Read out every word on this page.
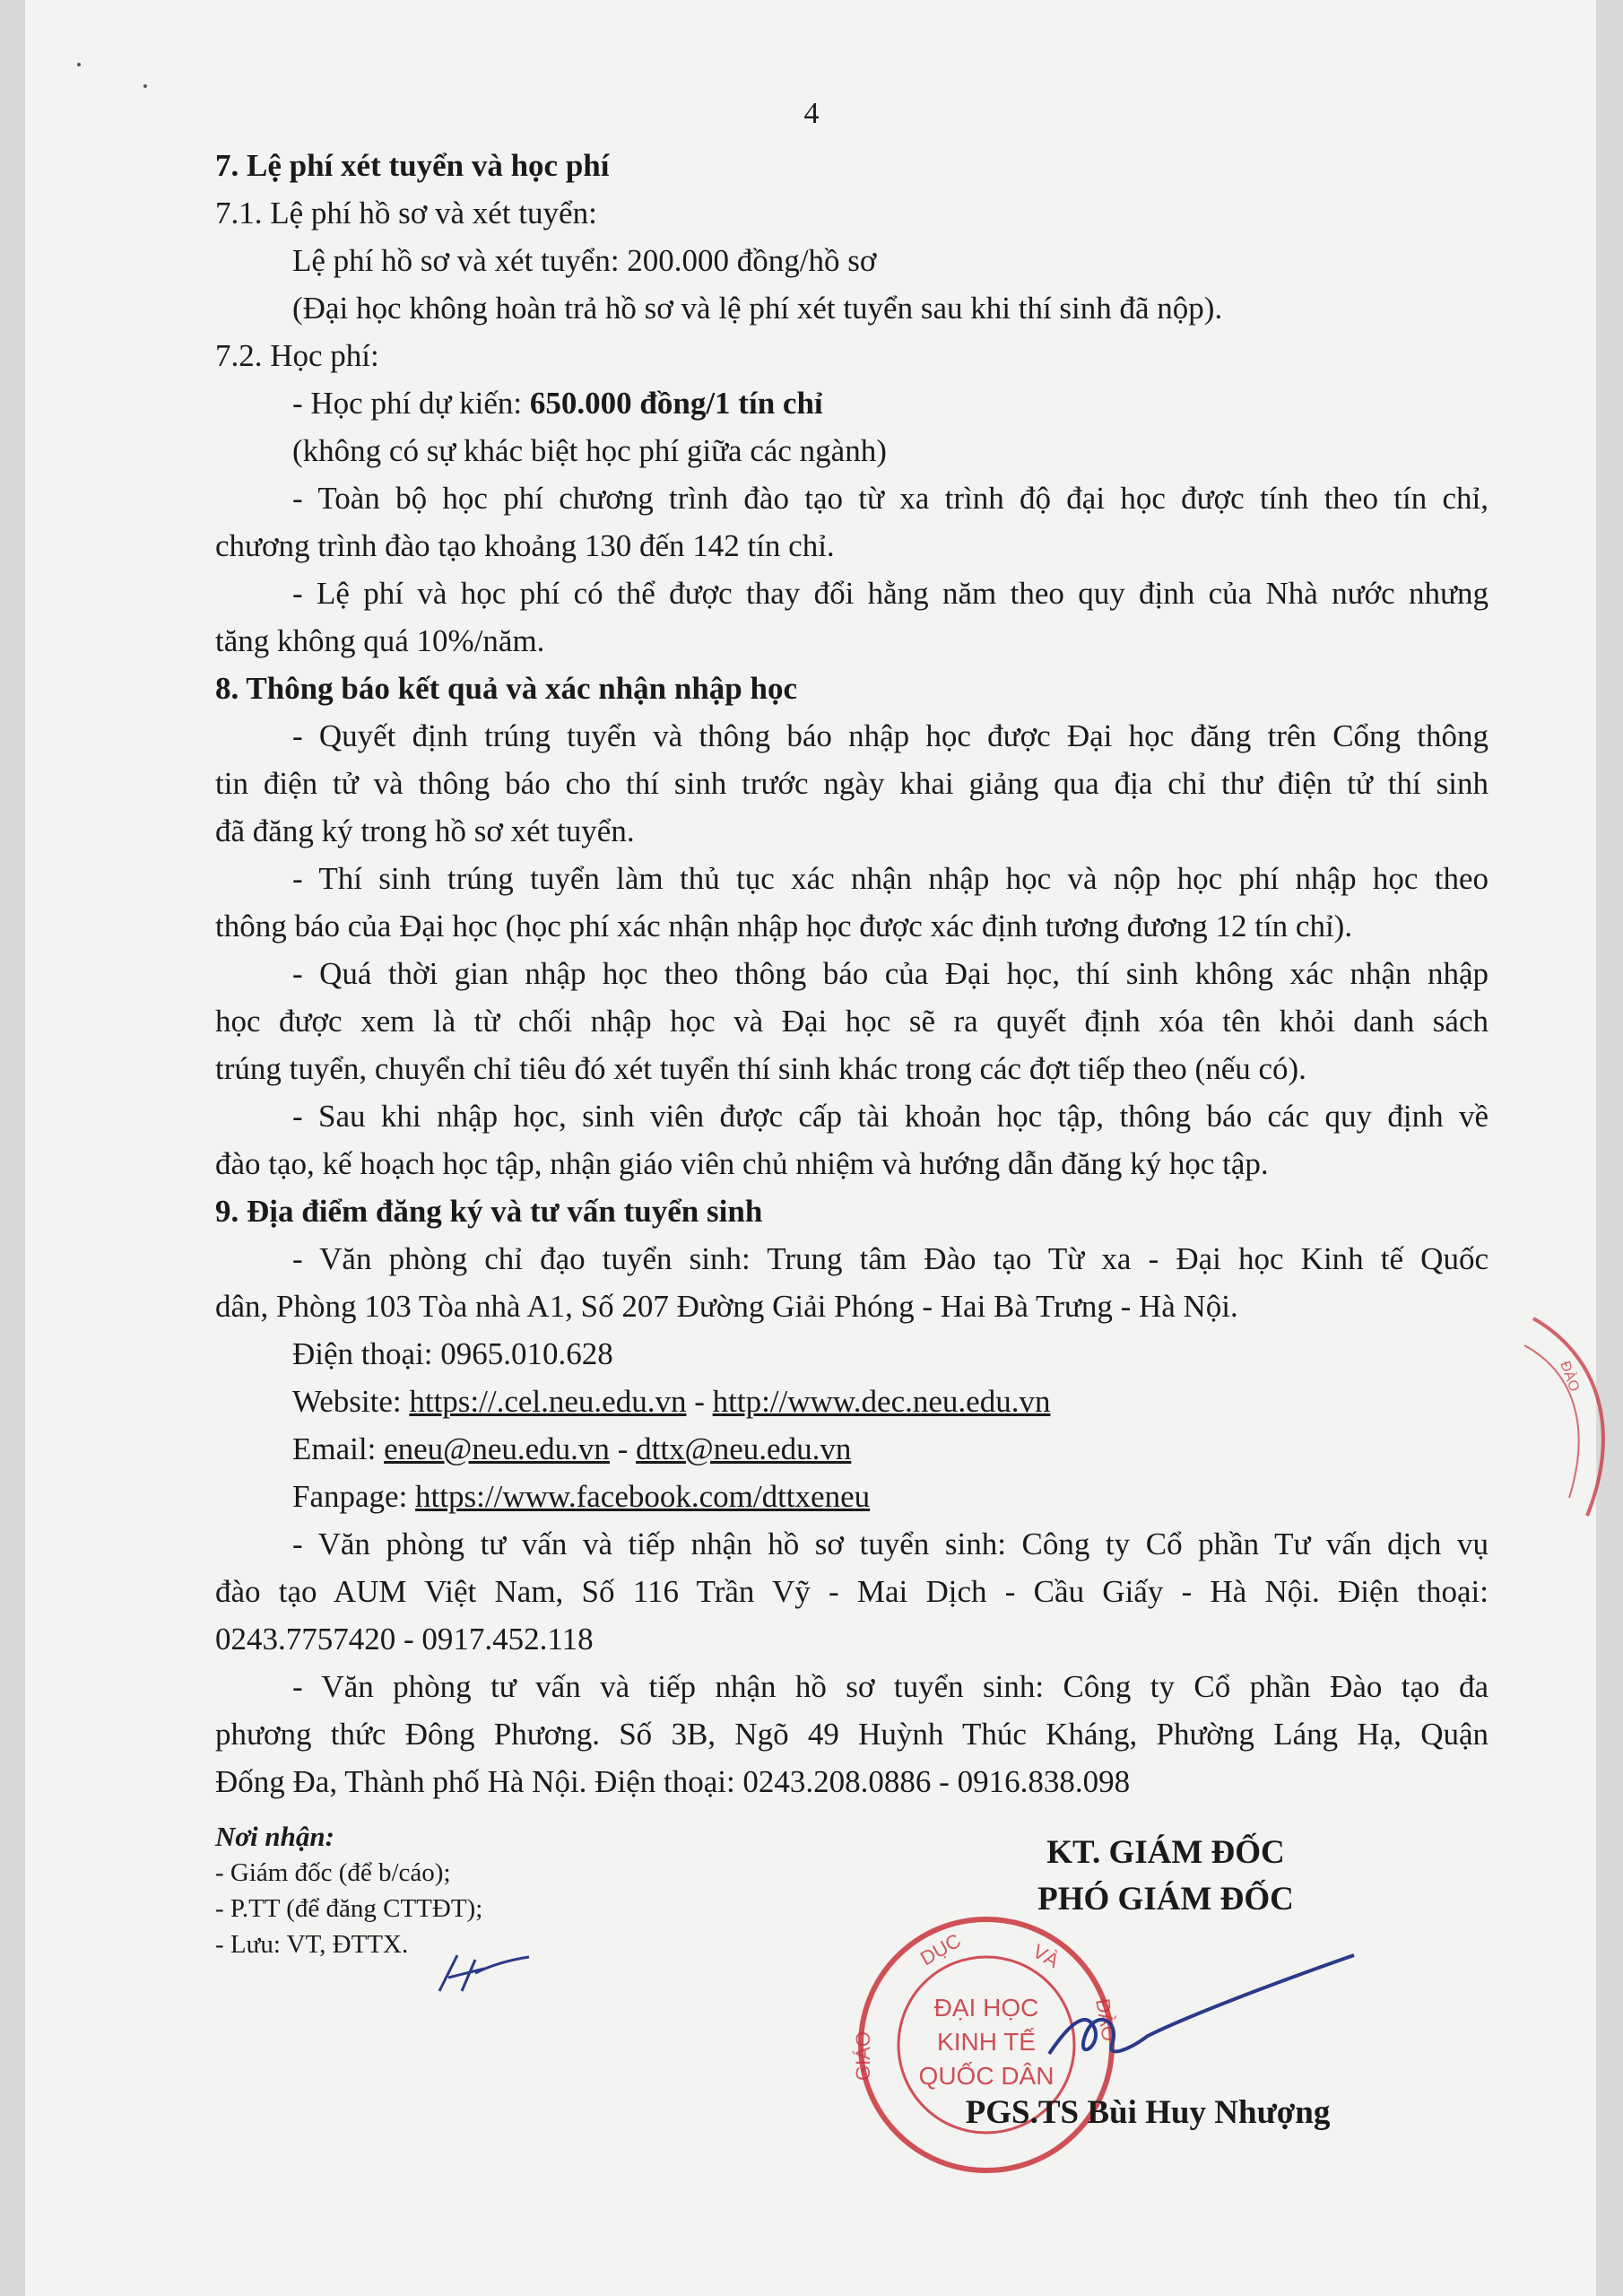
4

7. Lệ phí xét tuyển và học phí

7.1. Lệ phí hồ sơ và xét tuyển:

Lệ phí hồ sơ và xét tuyển: 200.000 đồng/hồ sơ

(Đại học không hoàn trả hồ sơ và lệ phí xét tuyển sau khi thí sinh đã nộp).

7.2. Học phí:

- Học phí dự kiến: 650.000 đồng/1 tín chỉ

(không có sự khác biệt học phí giữa các ngành)

- Toàn bộ học phí chương trình đào tạo từ xa trình độ đại học được tính theo tín chỉ,

chương trình đào tạo khoảng 130 đến 142 tín chỉ.

- Lệ phí và học phí có thể được thay đổi hằng năm theo quy định của Nhà nước nhưng

tăng không quá 10%/năm.

8. Thông báo kết quả và xác nhận nhập học

- Quyết định trúng tuyển và thông báo nhập học được Đại học đăng trên Cổng thông

tin điện tử và thông báo cho thí sinh trước ngày khai giảng qua địa chỉ thư điện tử thí sinh

đã đăng ký trong hồ sơ xét tuyển.

- Thí sinh trúng tuyển làm thủ tục xác nhận nhập học và nộp học phí nhập học theo

thông báo của Đại học (học phí xác nhận nhập học được xác định tương đương 12 tín chỉ).

- Quá thời gian nhập học theo thông báo của Đại học, thí sinh không xác nhận nhập

học được xem là từ chối nhập học và Đại học sẽ ra quyết định xóa tên khỏi danh sách

trúng tuyển, chuyển chỉ tiêu đó xét tuyển thí sinh khác trong các đợt tiếp theo (nếu có).

- Sau khi nhập học, sinh viên được cấp tài khoản học tập, thông báo các quy định về

đào tạo, kế hoạch học tập, nhận giáo viên chủ nhiệm và hướng dẫn đăng ký học tập.

9. Địa điểm đăng ký và tư vấn tuyển sinh

- Văn phòng chỉ đạo tuyển sinh: Trung tâm Đào tạo Từ xa - Đại học Kinh tế Quốc

dân, Phòng 103 Tòa nhà A1, Số 207 Đường Giải Phóng - Hai Bà Trưng - Hà Nội.

Điện thoại: 0965.010.628

Website: https://.cel.neu.edu.vn - http://www.dec.neu.edu.vn

Email: eneu@neu.edu.vn - dttx@neu.edu.vn

Fanpage: https://www.facebook.com/dttxeneu

- Văn phòng tư vấn và tiếp nhận hồ sơ tuyển sinh: Công ty Cổ phần Tư vấn dịch vụ

đào tạo AUM Việt Nam, Số 116 Trần Vỹ - Mai Dịch - Cầu Giấy - Hà Nội. Điện thoại:

0243.7757420 - 0917.452.118

- Văn phòng tư vấn và tiếp nhận hồ sơ tuyển sinh: Công ty Cổ phần Đào tạo đa

phương thức Đông Phương. Số 3B, Ngõ 49 Huỳnh Thúc Kháng, Phường Láng Hạ, Quận

Đống Đa, Thành phố Hà Nội. Điện thoại: 0243.208.0886 - 0916.838.098

Nơi nhận:
- Giám đốc (để b/cáo);
- P.TT (để đăng CTTĐT);
- Lưu: VT, ĐTTX.
KT. GIÁM ĐỐC
PHÓ GIÁM ĐỐC
ĐẠI HỌC
KINH TẾ
QUỐC DÂN
DỤC	VÀ
GIÁO
ĐÀO
PGS.TS Bùi Huy Nhượng
ĐÀO
